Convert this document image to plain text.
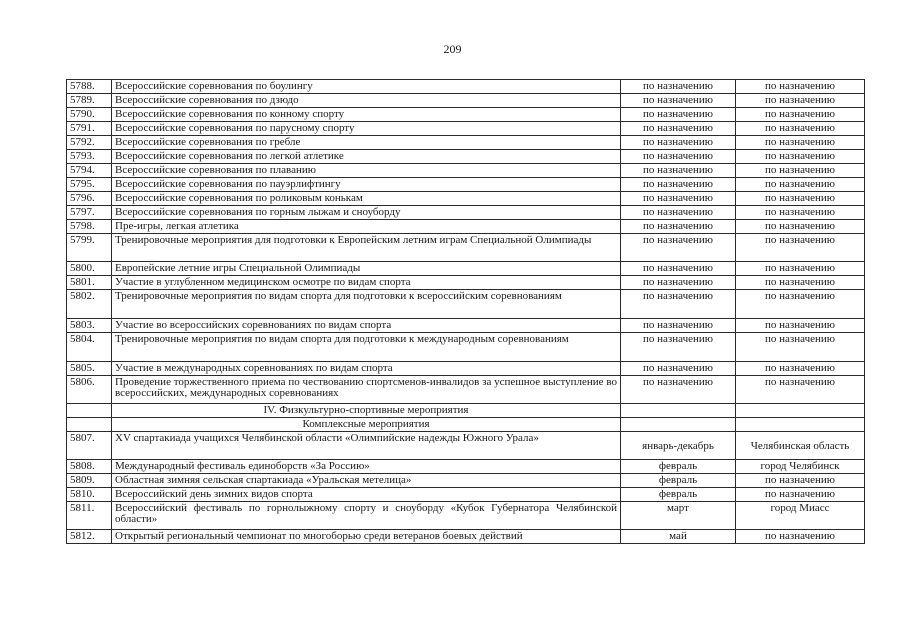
209
5788.	Всероссийские соревнования по боулингу	по назначению	по назначению
5789.	Всероссийские соревнования по дзюдо	по назначению	по назначению
5790.	Всероссийские соревнования по конному спорту	по назначению	по назначению
5791.	Всероссийские соревнования по парусному спорту	по назначению	по назначению
5792.	Всероссийские соревнования по гребле	по назначению	по назначению
5793.	Всероссийские соревнования по легкой атлетике	по назначению	по назначению
5794.	Всероссийские соревнования по плаванию	по назначению	по назначению
5795.	Всероссийские соревнования по пауэрлифтингу	по назначению	по назначению
5796.	Всероссийские соревнования по роликовым конькам	по назначению	по назначению
5797.	Всероссийские соревнования по горным лыжам и сноуборду	по назначению	по назначению
5798.	Пре-игры, легкая атлетика	по назначению	по назначению
5799.	Тренировочные мероприятия для подготовки к Европейским летним играм Специальной Олимпиады	по назначению	по назначению
5800.	Европейские летние игры Специальной Олимпиады	по назначению	по назначению
5801.	Участие в углубленном медицинском осмотре по видам спорта	по назначению	по назначению
5802.	Тренировочные мероприятия по видам спорта для подготовки к всероссийским соревнованиям	по назначению	по назначению
5803.	Участие во всероссийских соревнованиях по видам спорта	по назначению	по назначению
5804.	Тренировочные мероприятия по видам спорта для подготовки к международным соревнованиям	по назначению	по назначению
5805.	Участие в международных соревнованиях по видам спорта	по назначению	по назначению
5806.	Проведение торжественного приема по чествованию спортсменов-инвалидов за успешное выступление во всероссийских, международных соревнованиях	по назначению	по назначению
	IV. Физкультурно-спортивные мероприятия		
	Комплексные мероприятия		
5807.	XV спартакиада учащихся Челябинской области «Олимпийские надежды Южного Урала»	январь-декабрь	Челябинская область
5808.	Международный фестиваль единоборств «За Россию»	февраль	город Челябинск
5809.	Областная зимняя сельская спартакиада «Уральская метелица»	февраль	по назначению
5810.	Всероссийский день зимних видов спорта	февраль	по назначению
5811.	Всероссийский фестиваль по горнолыжному спорту и сноуборду «Кубок Губернатора Челябинской области»	март	город Миасс
5812.	Открытый региональный чемпионат по многоборью среди ветеранов боевых действий	май	по назначению
